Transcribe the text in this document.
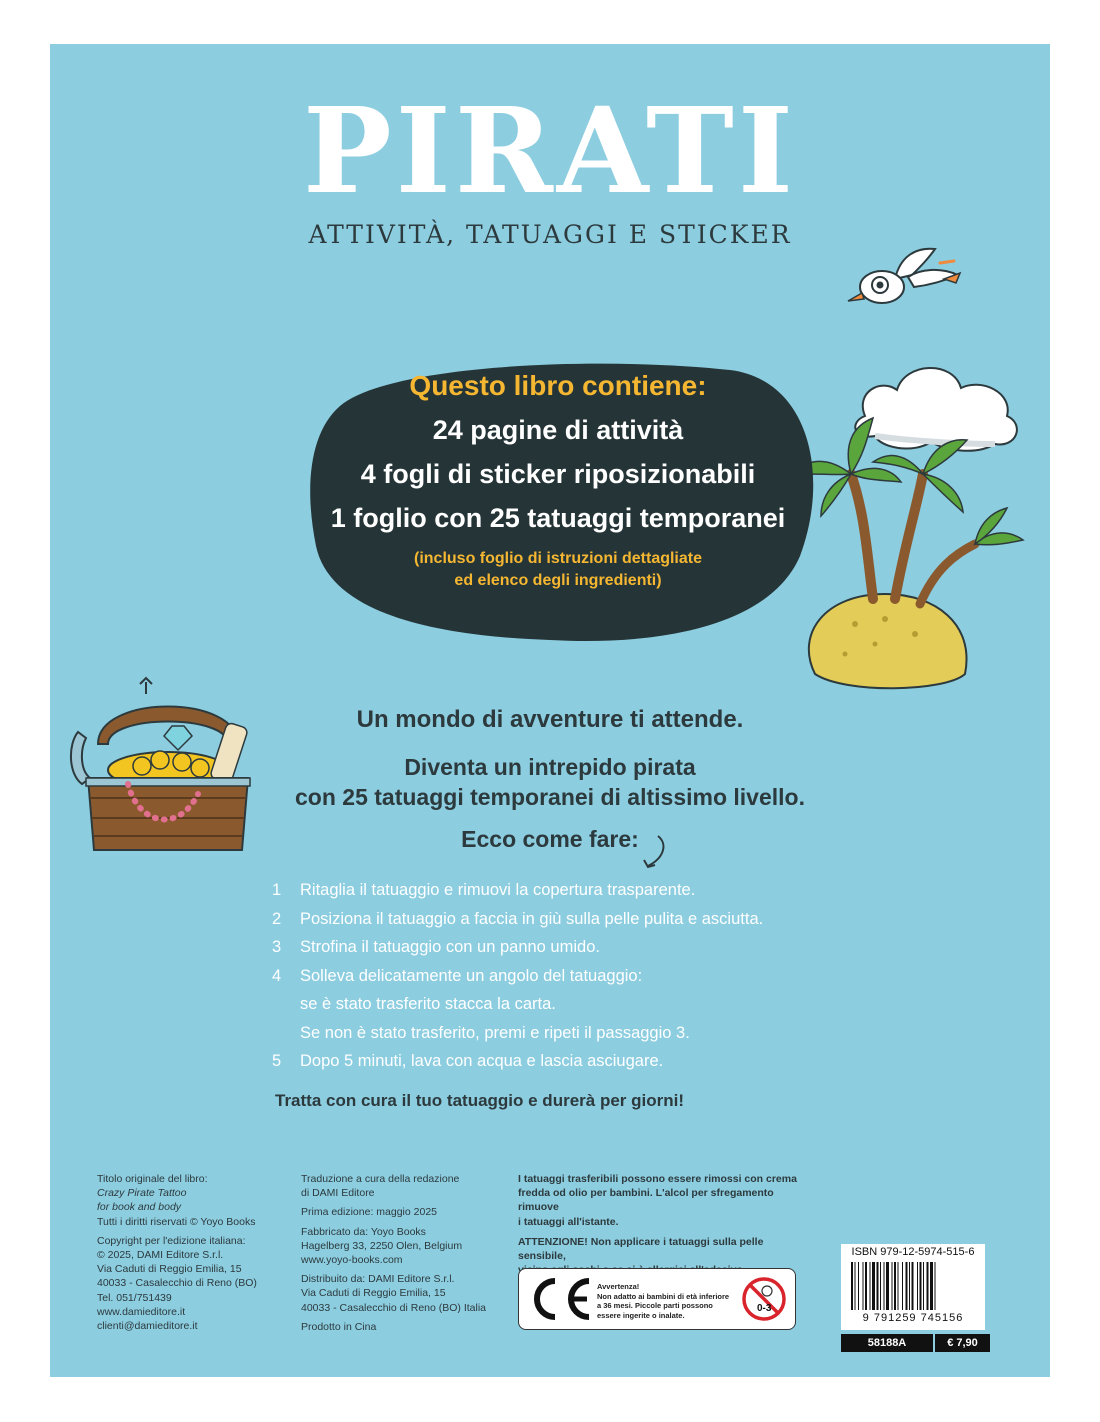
PIRATI

ATTIVITÀ, TATUAGGI E STICKER

Questo libro contiene:

24 pagine di attività

4 fogli di sticker riposizionabili

1 foglio con 25 tatuaggi temporanei

(incluso foglio di istruzioni dettagliate
ed elenco degli ingredienti)

Un mondo di avventure ti attende.

Diventa un intrepido pirata
con 25 tatuaggi temporanei di altissimo livello.

Ecco come fare:

1	Ritaglia il tatuaggio e rimuovi la copertura trasparente.
2	Posiziona il tatuaggio a faccia in giù sulla pelle pulita e asciutta.
3	Strofina il tatuaggio con un panno umido.
4	Solleva delicatamente un angolo del tatuaggio:
se è stato trasferito stacca la carta.
Se non è stato trasferito, premi e ripeti il passaggio 3.
5	Dopo 5 minuti, lava con acqua e lascia asciugare.

Tratta con cura il tuo tatuaggio e durerà per giorni!

Titolo originale del libro:

Crazy Pirate Tattoo

for book and body

Tutti i diritti riservati © Yoyo Books

Copyright per l'edizione italiana:

© 2025, DAMI Editore S.r.l.

Via Caduti di Reggio Emilia, 15

40033 - Casalecchio di Reno (BO)

Tel. 051/751439

www.damieditore.it

clienti@damieditore.it

Traduzione a cura della redazione

di DAMI Editore

Prima edizione: maggio 2025

Fabbricato da: Yoyo Books

Hagelberg 33, 2250 Olen, Belgium

www.yoyo-books.com

Distribuito da: DAMI Editore S.r.l.

Via Caduti di Reggio Emilia, 15

40033 - Casalecchio di Reno (BO) Italia

Prodotto in Cina

I tatuaggi trasferibili possono essere rimossi con crema
fredda od olio per bambini. L'alcol per sfregamento rimuove
i tatuaggi all'istante.

ATTENZIONE! Non applicare i tatuaggi sulla pelle sensibile,

Avvertenza!
Non adatto ai bambini di età inferiore
a 36 mesi. Piccole parti possono
essere ingerite o inalate.
0-3
ISBN 979-12-5974-515-6
9 791259 745156
58188A	€ 7,90
